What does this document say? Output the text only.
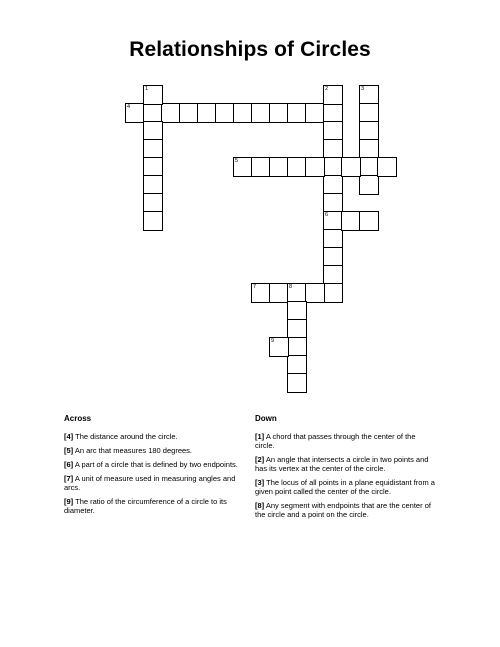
Relationships of Circles
4
1	2
6
3
5
7	8
9
Across	Down
[4] The distance around the circle.
[5] An arc that measures 180 degrees.
[6] A part of a circle that is defined by two endpoints.
[7] A unit of measure used in measuring angles and arcs.
[9] The ratio of the circumference of a circle to its diameter.
[1] A chord that passes through the center of the circle.
[2] An angle that intersects a circle in two points and has its vertex at the center of the circle.
[3] The locus of all points in a plane equidistant from a given point called the center of the circle.
[8] Any segment with endpoints that are the center of the circle and a point on the circle.
